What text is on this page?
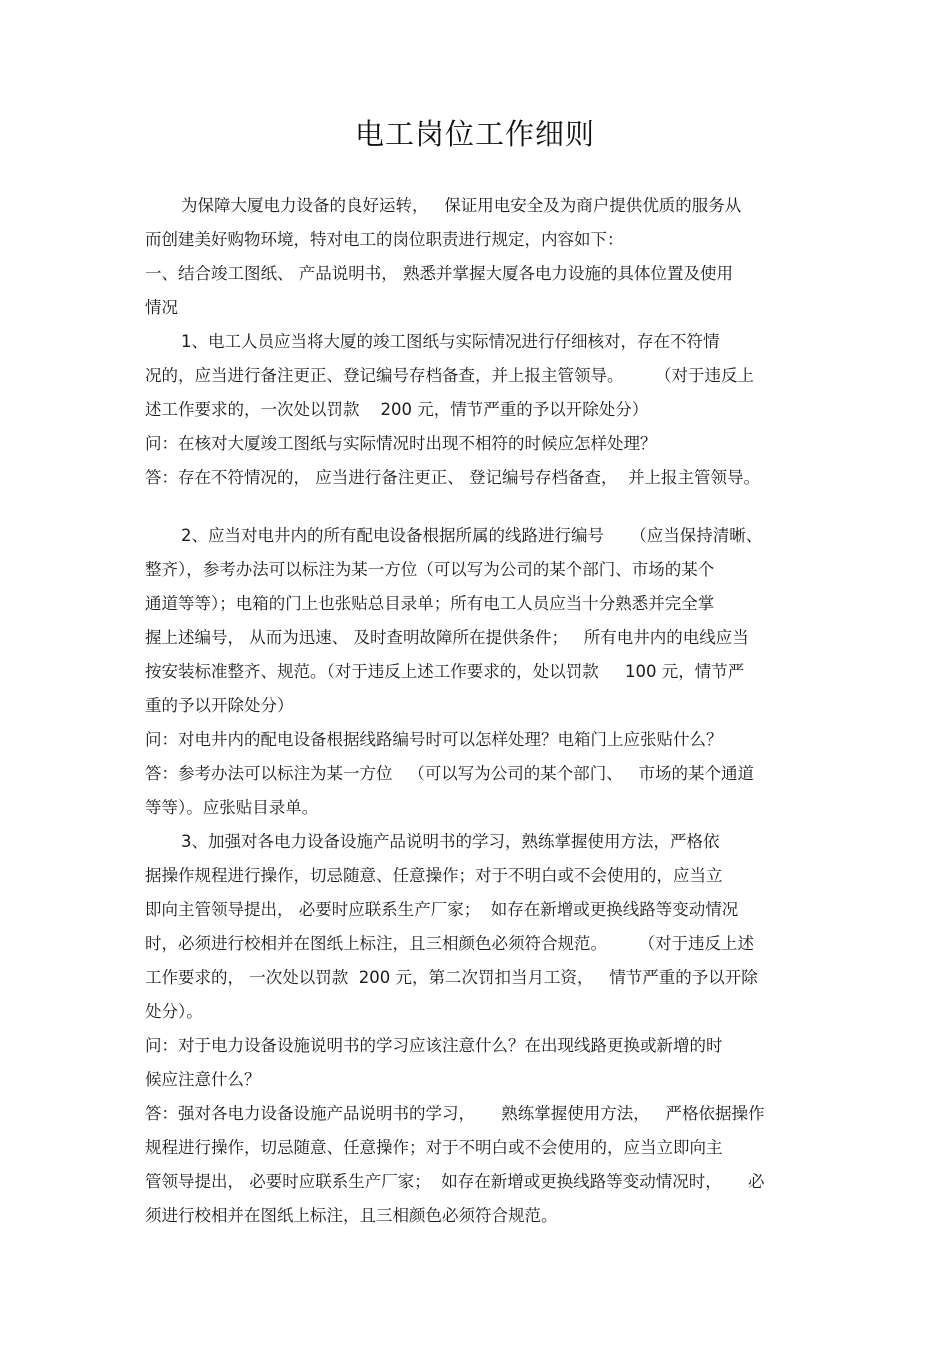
电工岗位工作细则
为保障大厦电力设备的良好运转，   保证用电安全及为商户提供优质的服务从
而创建美好购物环境，特对电工的岗位职责进行规定，内容如下：
一、结合竣工图纸、 产品说明书， 熟悉并掌握大厦各电力设施的具体位置及使用
情况
1、电工人员应当将大厦的竣工图纸与实际情况进行仔细核对，存在不符情
况的，应当进行备注更正、登记编号存档备查，并上报主管领导。      （对于违反上
述工作要求的，一次处以罚款    200 元，情节严重的予以开除处分）
问：在核对大厦竣工图纸与实际情况时出现不相符的时候应怎样处理？
答：存在不符情况的， 应当进行备注更正、 登记编号存档备查，  并上报主管领导。
2、应当对电井内的所有配电设备根据所属的线路进行编号     （应当保持清晰、
整齐），参考办法可以标注为某一方位（可以写为公司的某个部门、市场的某个
通道等等）；电箱的门上也张贴总目录单；所有电工人员应当十分熟悉并完全掌
握上述编号， 从而为迅速、 及时查明故障所在提供条件；   所有电井内的电线应当
按安装标准整齐、规范。（对于违反上述工作要求的，处以罚款     100 元，情节严
重的予以开除处分）
问：对电井内的配电设备根据线路编号时可以怎样处理？电箱门上应张贴什么？
答：参考办法可以标注为某一方位   （可以写为公司的某个部门、   市场的某个通道
等等）。应张贴目录单。
3、加强对各电力设备设施产品说明书的学习，熟练掌握使用方法，严格依
据操作规程进行操作，切忌随意、任意操作；对于不明白或不会使用的，应当立
即向主管领导提出， 必要时应联系生产厂家；  如存在新增或更换线路等变动情况
时，必须进行校相并在图纸上标注，且三相颜色必须符合规范。      （对于违反上述
工作要求的， 一次处以罚款  200 元，第二次罚扣当月工资，   情节严重的予以开除
处分）。
问：对于电力设备设施说明书的学习应该注意什么？在出现线路更换或新增的时
候应注意什么？
答：强对各电力设备设施产品说明书的学习，     熟练掌握使用方法，   严格依据操作
规程进行操作，切忌随意、任意操作；对于不明白或不会使用的，应当立即向主
管领导提出， 必要时应联系生产厂家；  如存在新增或更换线路等变动情况时，     必
须进行校相并在图纸上标注，且三相颜色必须符合规范。
